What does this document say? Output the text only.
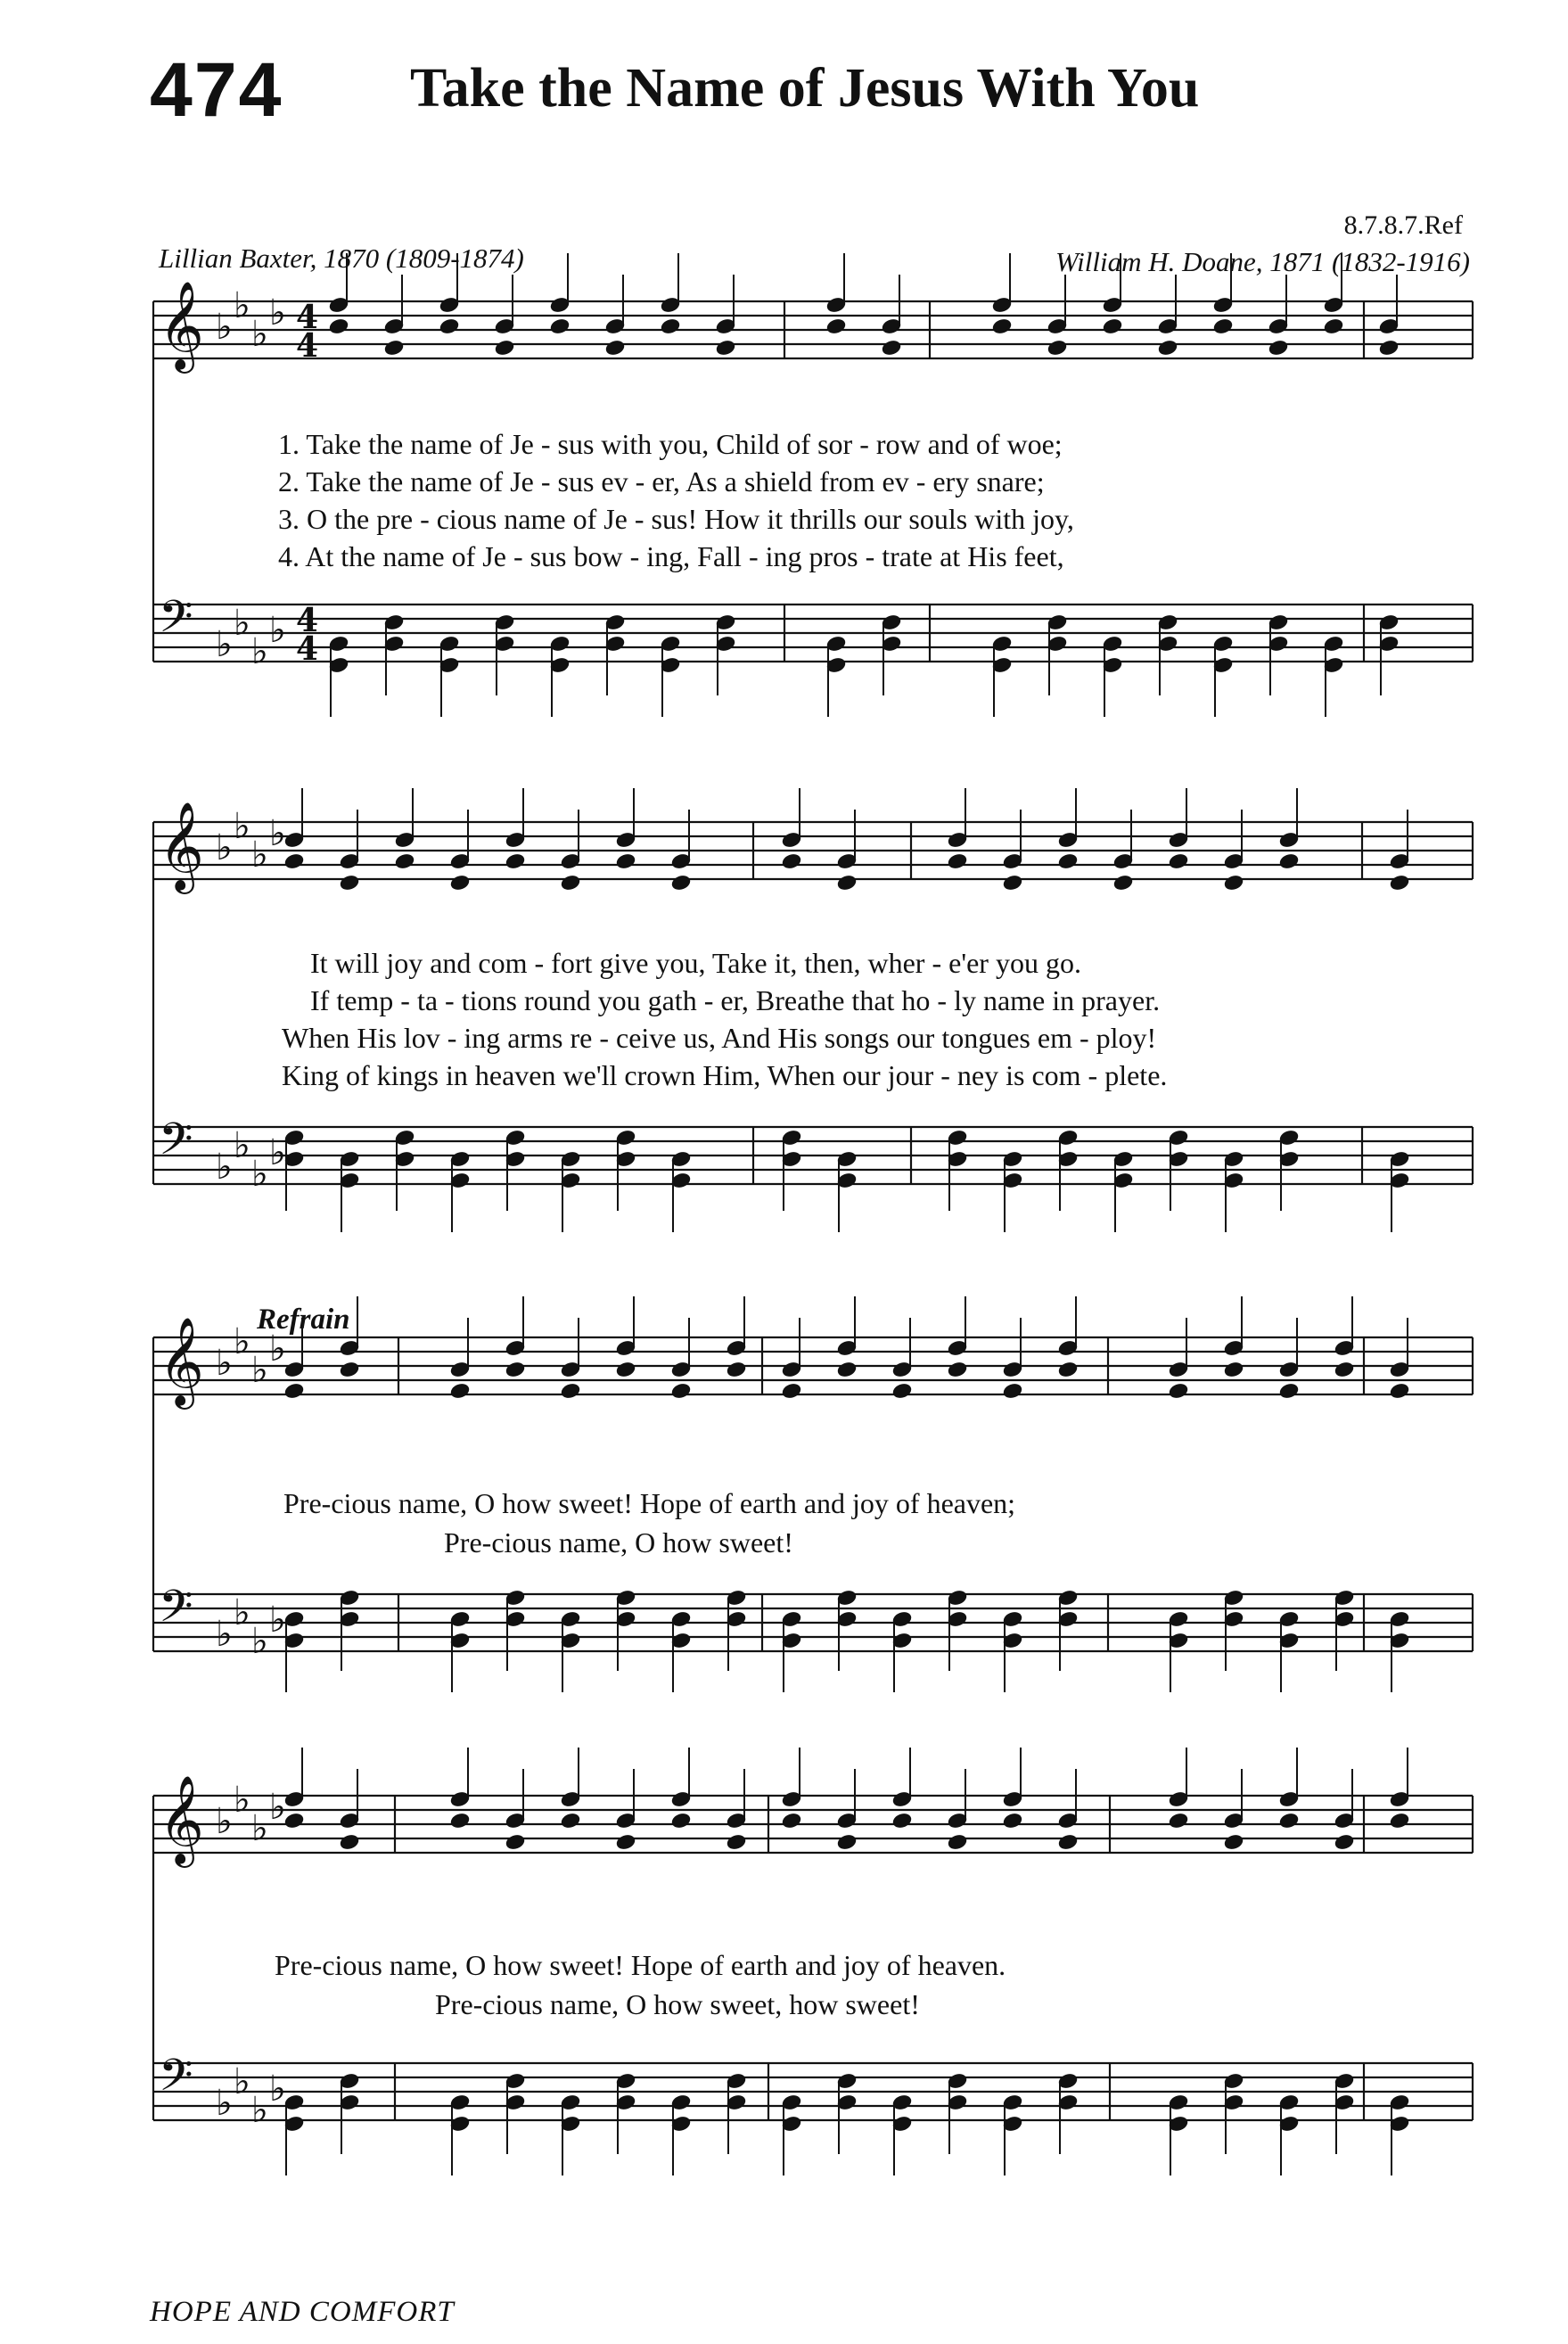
474 Take the Name of Jesus With You
8.7.8.7.Ref
Lillian Baxter, 1870 (1809-1874)	William H. Doane, 1871 (1832-1916)
𝄞 ♭
♭
♭
♭ 4
4
𝄢 ♭
♭
♭
♭ 4
4
𝄞 ♭
♭
♭
♭
𝄢 ♭
♭
♭
♭
𝄞 ♭
♭
♭
♭
𝄢 ♭
♭
♭
♭
𝄞 ♭
♭
♭
♭
𝄢 ♭
♭
♭
♭
1. Take the name of Je - sus with you, Child of sor - row and of woe;
2. Take the name of Je - sus ev - er, As a shield from ev - ery snare;
3. O the pre - cious name of Je - sus! How it thrills our souls with joy,
4. At the name of Je - sus bow - ing, Fall - ing pros - trate at His feet,
It will joy and com - fort give you, Take it, then, wher - e'er you go.
If temp - ta - tions round you gath - er, Breathe that ho - ly name in prayer.
When His lov - ing arms re - ceive us, And His songs our tongues em - ploy!
King of kings in heaven we'll crown Him, When our jour - ney is com - plete.
Refrain
Pre-cious name, O how sweet! Hope of earth and joy of heaven;
Pre-cious name, O how sweet!
Pre-cious name, O how sweet! Hope of earth and joy of heaven.
Pre-cious name, O how sweet, how sweet!
HOPE AND COMFORT
